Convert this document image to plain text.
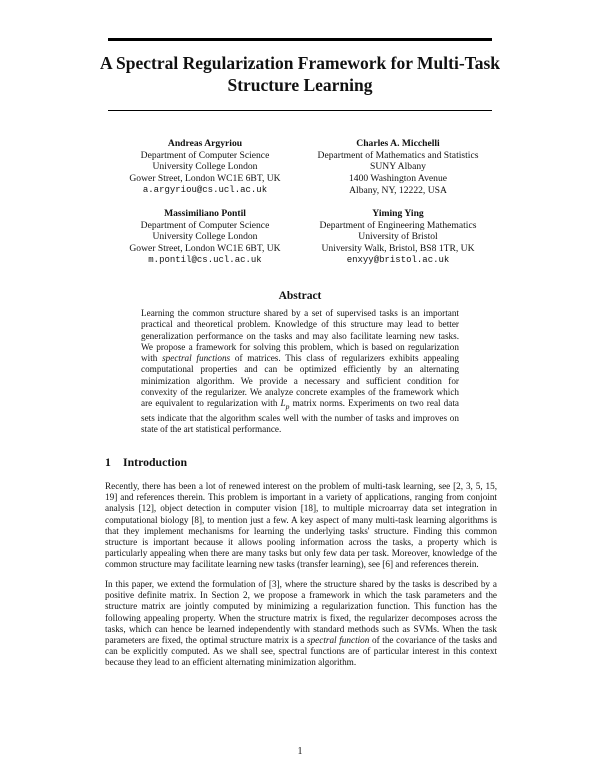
A Spectral Regularization Framework for Multi-Task Structure Learning
Andreas Argyriou
Department of Computer Science
University College London
Gower Street, London WC1E 6BT, UK
a.argyriou@cs.ucl.ac.uk
Charles A. Micchelli
Department of Mathematics and Statistics
SUNY Albany
1400 Washington Avenue
Albany, NY, 12222, USA
Massimiliano Pontil
Department of Computer Science
University College London
Gower Street, London WC1E 6BT, UK
m.pontil@cs.ucl.ac.uk
Yiming Ying
Department of Engineering Mathematics
University of Bristol
University Walk, Bristol, BS8 1TR, UK
enxyy@bristol.ac.uk
Abstract

Learning the common structure shared by a set of supervised tasks is an important practical and theoretical problem. Knowledge of this structure may lead to better generalization performance on the tasks and may also facilitate learning new tasks. We propose a framework for solving this problem, which is based on regularization with spectral functions of matrices. This class of regularizers exhibits appealing computational properties and can be optimized efficiently by an alternating minimization algorithm. We provide a necessary and sufficient condition for convexity of the regularizer. We analyze concrete examples of the framework which are equivalent to regularization with $L_p$ matrix norms. Experiments on two real data sets indicate that the algorithm scales well with the number of tasks and improves on state of the art statistical performance.

1 Introduction

Recently, there has been a lot of renewed interest on the problem of multi-task learning, see [2, 3, 5, 15, 19] and references therein. This problem is important in a variety of applications, ranging from conjoint analysis [12], object detection in computer vision [18], to multiple microarray data set integration in computational biology [8], to mention just a few. A key aspect of many multi-task learning algorithms is that they implement mechanisms for learning the underlying tasks' structure. Finding this common structure is important because it allows pooling information across the tasks, a property which is particularly appealing when there are many tasks but only few data per task. Moreover, knowledge of the common structure may facilitate learning new tasks (transfer learning), see [6] and references therein.

In this paper, we extend the formulation of [3], where the structure shared by the tasks is described by a positive definite matrix. In Section 2, we propose a framework in which the task parameters and the structure matrix are jointly computed by minimizing a regularization function. This function has the following appealing property. When the structure matrix is fixed, the regularizer decomposes across the tasks, which can hence be learned independently with standard methods such as SVMs. When the task parameters are fixed, the optimal structure matrix is a spectral function of the covariance of the tasks and can be explicitly computed. As we shall see, spectral functions are of particular interest in this context because they lead to an efficient alternating minimization algorithm.

1
